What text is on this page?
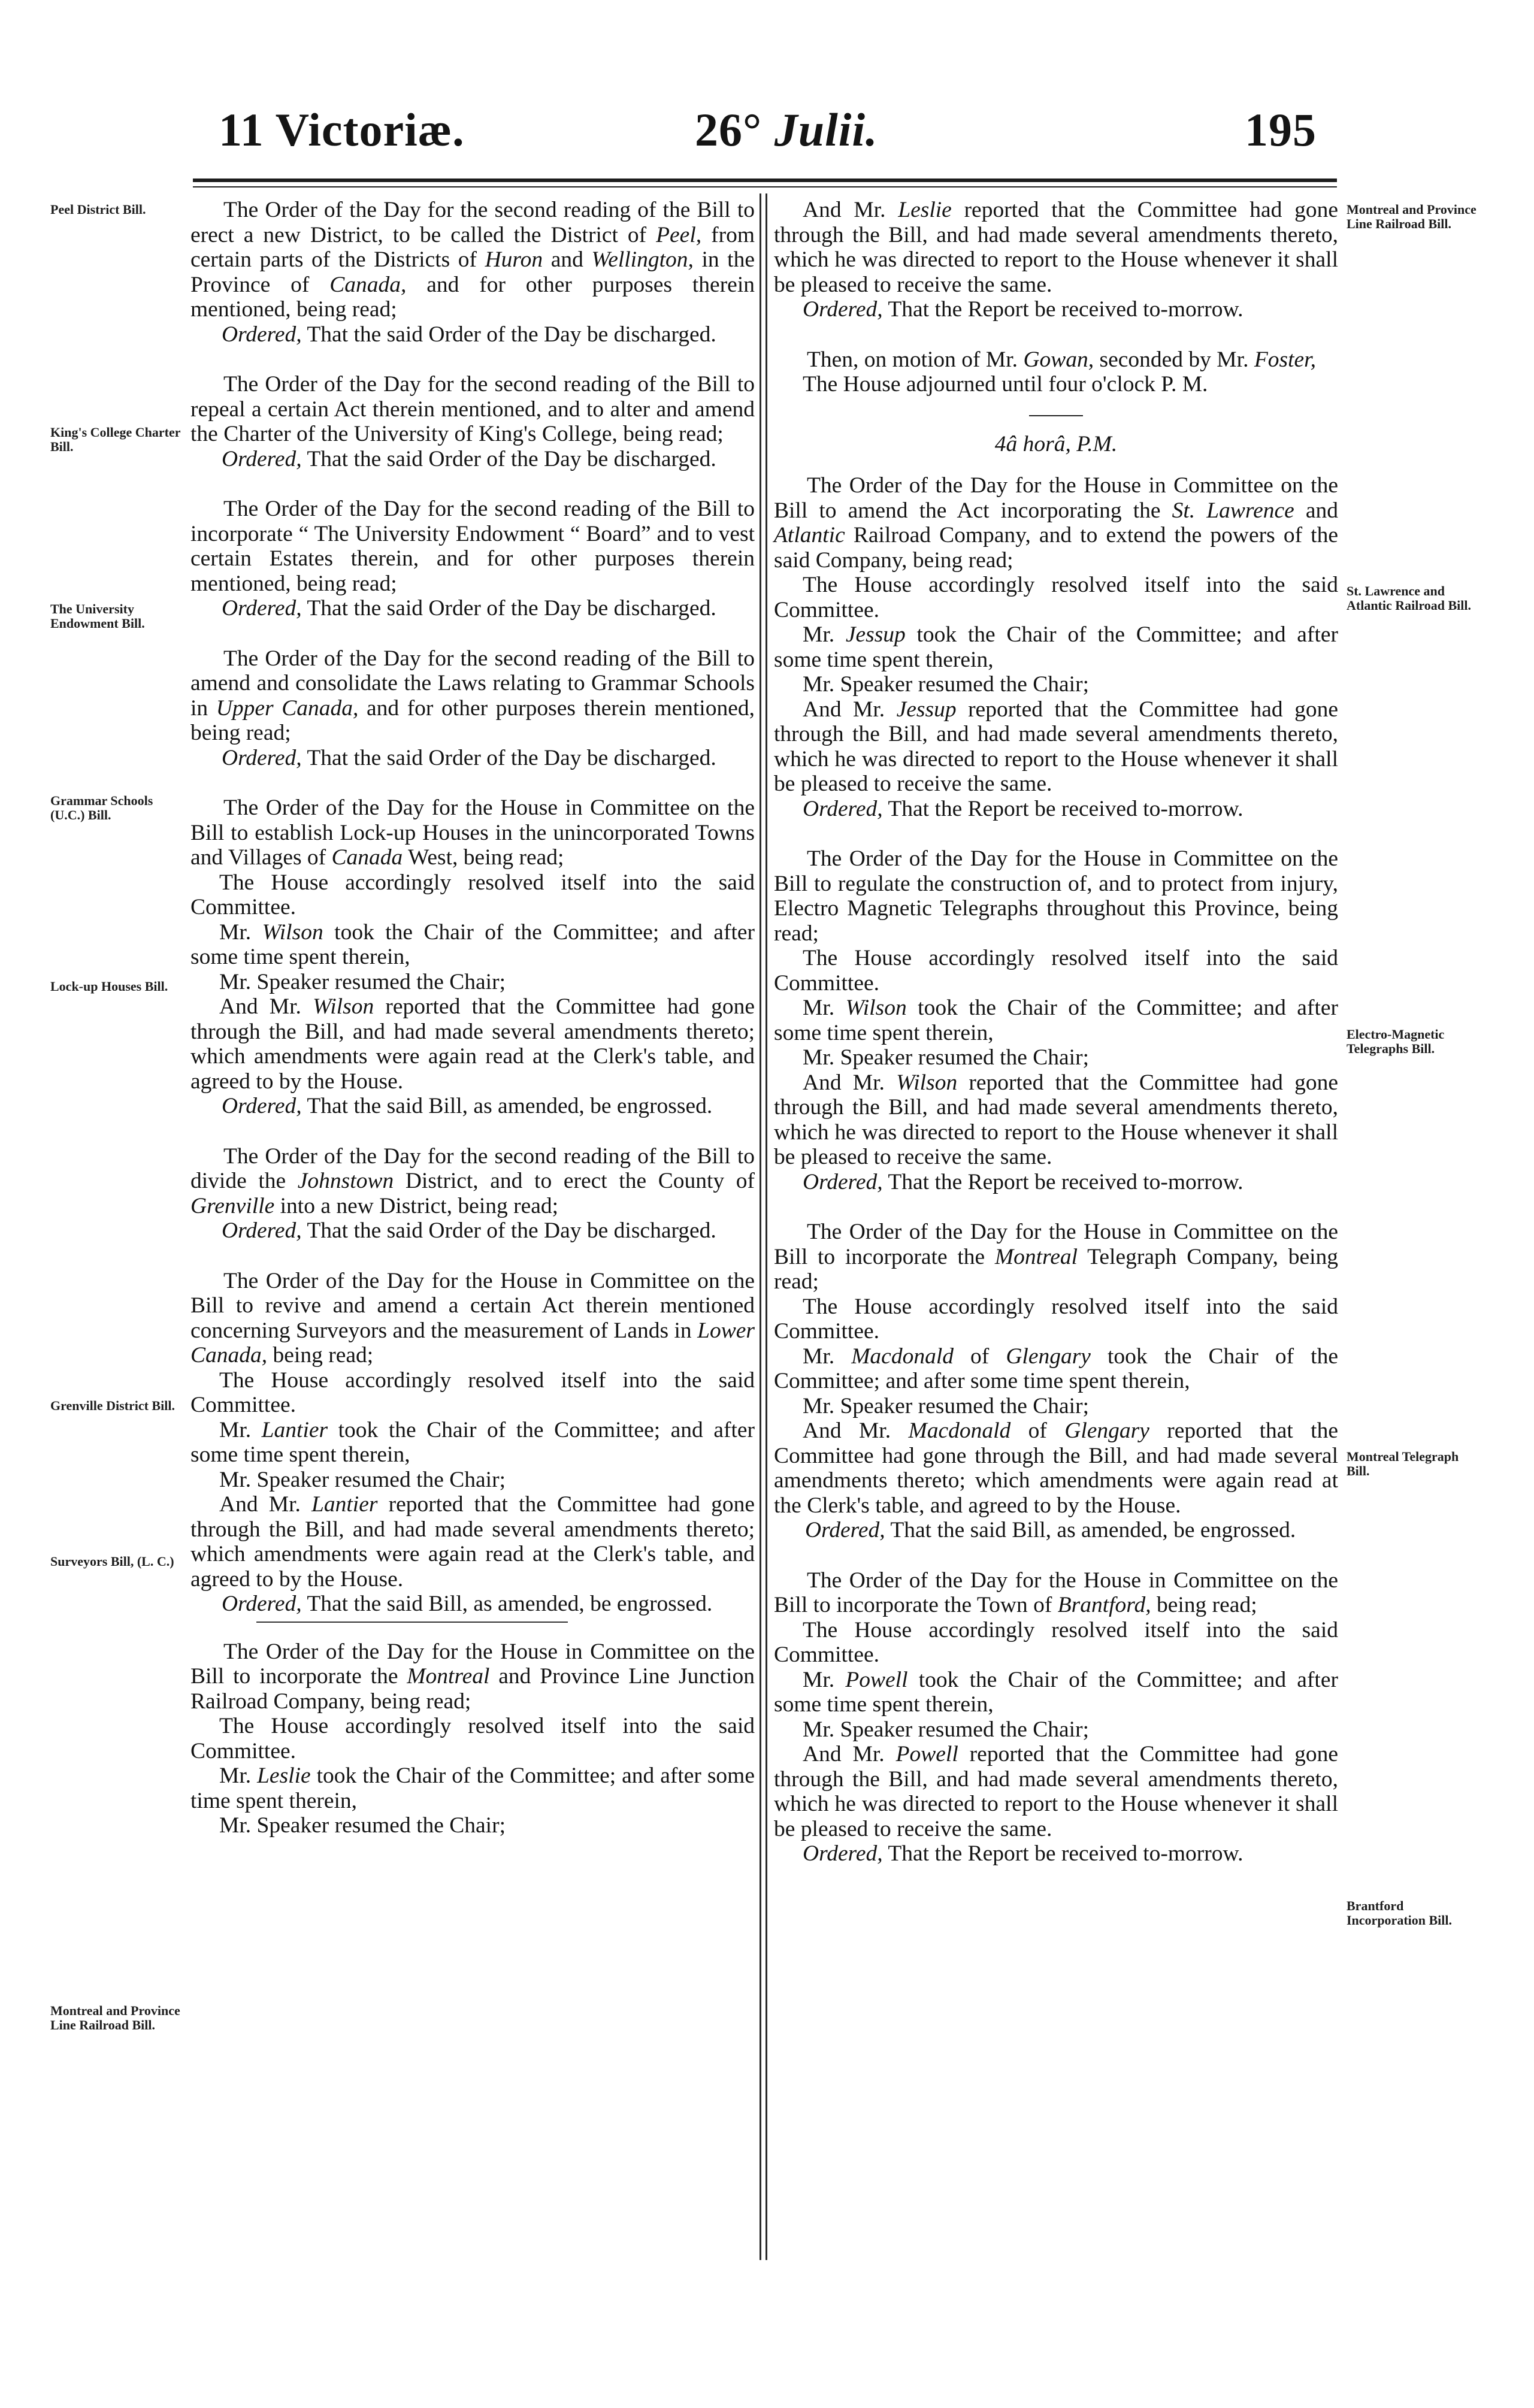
11 Victoriæ.	26° Julii.	195
Peel District Bill.
King's College Charter Bill.
The University Endowment Bill.
Grammar Schools (U.C.) Bill.
Lock-up Houses Bill.
Grenville District Bill.
Surveyors Bill, (L. C.)
Montreal and Province Line Railroad Bill.
Montreal and Province Line Railroad Bill.
St. Lawrence and Atlantic Railroad Bill.
Electro-Magnetic Telegraphs Bill.
Montreal Telegraph Bill.
Brantford Incorporation Bill.

The Order of the Day for the second reading of the Bill to erect a new District, to be called the District of Peel, from certain parts of the Districts of Huron and Wellington, in the Province of Canada, and for other purposes therein mentioned, being read;

Ordered, That the said Order of the Day be discharged.

The Order of the Day for the second reading of the Bill to repeal a certain Act therein mentioned, and to alter and amend the Charter of the University of King's College, being read;

Ordered, That the said Order of the Day be discharged.

The Order of the Day for the second reading of the Bill to incorporate “ The University Endowment “ Board” and to vest certain Estates therein, and for other purposes therein mentioned, being read;

Ordered, That the said Order of the Day be discharged.

The Order of the Day for the second reading of the Bill to amend and consolidate the Laws relating to Grammar Schools in Upper Canada, and for other purposes therein mentioned, being read;

Ordered, That the said Order of the Day be discharged.

The Order of the Day for the House in Committee on the Bill to establish Lock-up Houses in the unincorporated Towns and Villages of Canada West, being read;

The House accordingly resolved itself into the said Committee.

Mr. Wilson took the Chair of the Committee; and after some time spent therein,

Mr. Speaker resumed the Chair;

And Mr. Wilson reported that the Committee had gone through the Bill, and had made several amendments thereto; which amendments were again read at the Clerk's table, and agreed to by the House.

Ordered, That the said Bill, as amended, be engrossed.

The Order of the Day for the second reading of the Bill to divide the Johnstown District, and to erect the County of Grenville into a new District, being read;

Ordered, That the said Order of the Day be discharged.

The Order of the Day for the House in Committee on the Bill to revive and amend a certain Act therein mentioned concerning Surveyors and the measurement of Lands in Lower Canada, being read;

The House accordingly resolved itself into the said Committee.

Mr. Lantier took the Chair of the Committee; and after some time spent therein,

Mr. Speaker resumed the Chair;

And Mr. Lantier reported that the Committee had gone through the Bill, and had made several amendments thereto; which amendments were again read at the Clerk's table, and agreed to by the House.

Ordered, That the said Bill, as amended, be engrossed.

The Order of the Day for the House in Committee on the Bill to incorporate the Montreal and Province Line Junction Railroad Company, being read;

The House accordingly resolved itself into the said Committee.

Mr. Leslie took the Chair of the Committee; and after some time spent therein,

Mr. Speaker resumed the Chair;

And Mr. Leslie reported that the Committee had gone through the Bill, and had made several amendments thereto, which he was directed to report to the House whenever it shall be pleased to receive the same.

Ordered, That the Report be received to-morrow.

Then, on motion of Mr. Gowan, seconded by Mr. Foster,

The House adjourned until four o'clock P. M.

4â horâ, P.M.

The Order of the Day for the House in Committee on the Bill to amend the Act incorporating the St. Lawrence and Atlantic Railroad Company, and to extend the powers of the said Company, being read;

The House accordingly resolved itself into the said Committee.

Mr. Jessup took the Chair of the Committee; and after some time spent therein,

Mr. Speaker resumed the Chair;

And Mr. Jessup reported that the Committee had gone through the Bill, and had made several amendments thereto, which he was directed to report to the House whenever it shall be pleased to receive the same.

Ordered, That the Report be received to-morrow.

The Order of the Day for the House in Committee on the Bill to regulate the construction of, and to protect from injury, Electro Magnetic Telegraphs throughout this Province, being read;

The House accordingly resolved itself into the said Committee.

Mr. Wilson took the Chair of the Committee; and after some time spent therein,

Mr. Speaker resumed the Chair;

And Mr. Wilson reported that the Committee had gone through the Bill, and had made several amendments thereto, which he was directed to report to the House whenever it shall be pleased to receive the same.

Ordered, That the Report be received to-morrow.

The Order of the Day for the House in Committee on the Bill to incorporate the Montreal Telegraph Company, being read;

The House accordingly resolved itself into the said Committee.

Mr. Macdonald of Glengary took the Chair of the Committee; and after some time spent therein,

Mr. Speaker resumed the Chair;

And Mr. Macdonald of Glengary reported that the Committee had gone through the Bill, and had made several amendments thereto; which amendments were again read at the Clerk's table, and agreed to by the House.

Ordered, That the said Bill, as amended, be engrossed.

The Order of the Day for the House in Committee on the Bill to incorporate the Town of Brantford, being read;

The House accordingly resolved itself into the said Committee.

Mr. Powell took the Chair of the Committee; and after some time spent therein,

Mr. Speaker resumed the Chair;

And Mr. Powell reported that the Committee had gone through the Bill, and had made several amendments thereto, which he was directed to report to the House whenever it shall be pleased to receive the same.

Ordered, That the Report be received to-morrow.
